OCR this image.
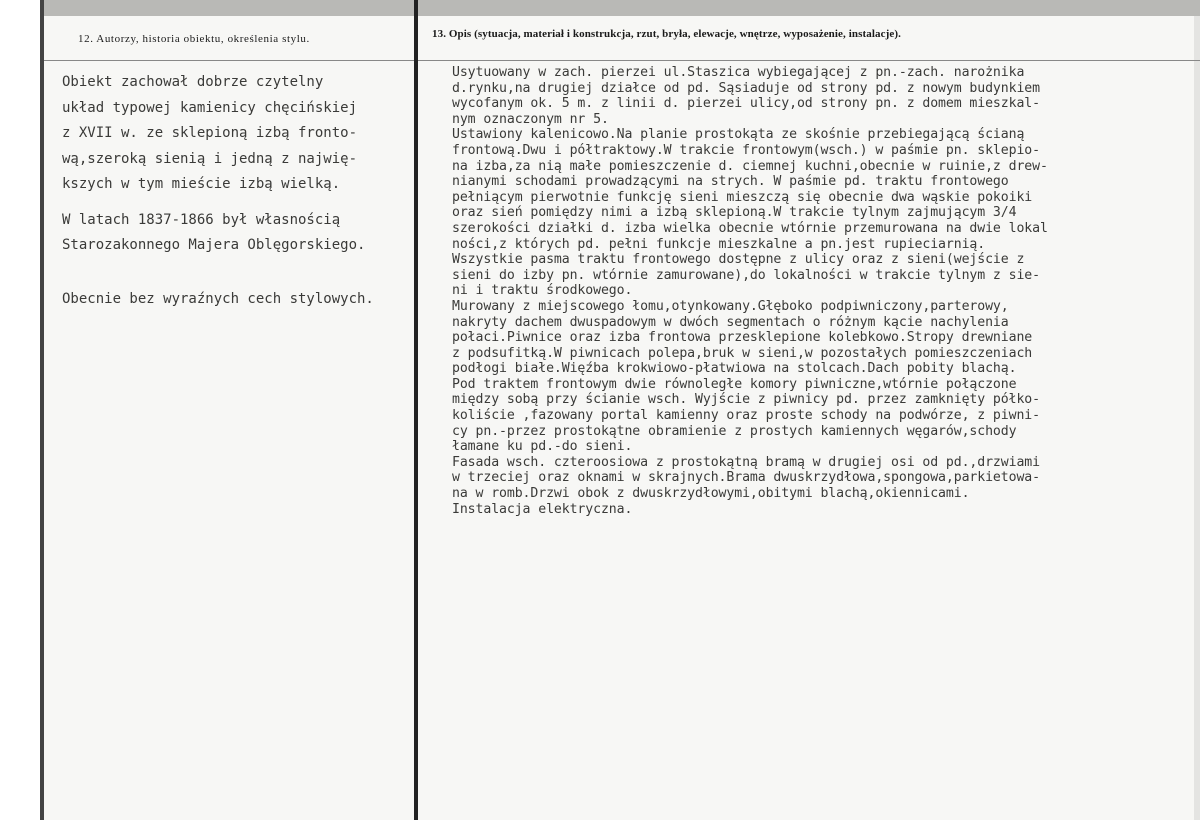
12. Autorzy, historia obiektu, określenia stylu.	13. Opis (sytuacja, materiał i konstrukcja, rzut, bryła, elewacje, wnętrze, wyposażenie, instalacje).
Obiekt zachował dobrze czytelny
układ typowej kamienicy chęcińskiej
z XVII w. ze sklepioną izbą fronto-
wą,szeroką sienią i jedną z najwię-
kszych w tym mieście izbą wielką.
W latach 1837-1866 był własnością
Starozakonnego Majera Oblęgorskiego.
Obecnie bez wyraźnych cech stylowych.
Usytuowany w zach. pierzei ul.Staszica wybiegającej z pn.-zach. narożnika
d.rynku,na drugiej działce od pd. Sąsiaduje od strony pd. z nowym budynkiem
wycofanym ok. 5 m. z linii d. pierzei ulicy,od strony pn. z domem mieszkal-
nym oznaczonym nr 5.
Ustawiony kalenicowo.Na planie prostokąta ze skośnie przebiegającą ścianą
frontową.Dwu i półtraktowy.W trakcie frontowym(wsch.) w paśmie pn. sklepio-
na izba,za nią małe pomieszczenie d. ciemnej kuchni,obecnie w ruinie,z drew-
nianymi schodami prowadzącymi na strych. W paśmie pd. traktu frontowego
pełniącym pierwotnie funkcję sieni mieszczą się obecnie dwa wąskie pokoiki
oraz sień pomiędzy nimi a izbą sklepioną.W trakcie tylnym zajmującym 3/4
szerokości działki d. izba wielka obecnie wtórnie przemurowana na dwie lokal
ności,z których pd. pełni funkcje mieszkalne a pn.jest rupieciarnią.
Wszystkie pasma traktu frontowego dostępne z ulicy oraz z sieni(wejście z
sieni do izby pn. wtórnie zamurowane),do lokalności w trakcie tylnym z sie-
ni i traktu środkowego.
Murowany z miejscowego łomu,otynkowany.Głęboko podpiwniczony,parterowy,
nakryty dachem dwuspadowym w dwóch segmentach o różnym kącie nachylenia
połaci.Piwnice oraz izba frontowa przesklepione kolebkowo.Stropy drewniane
z podsufitką.W piwnicach polepa,bruk w sieni,w pozostałych pomieszczeniach
podłogi białe.Więźba krokwiowo-płatwiowa na stolcach.Dach pobity blachą.
Pod traktem frontowym dwie równoległe komory piwniczne,wtórnie połączone
między sobą przy ścianie wsch. Wyjście z piwnicy pd. przez zamknięty półko-
koliście ,fazowany portal kamienny oraz proste schody na podwórze, z piwni-
cy pn.-przez prostokątne obramienie z prostych kamiennych węgarów,schody
łamane ku pd.-do sieni.
Fasada wsch. czteroosiowa z prostokątną bramą w drugiej osi od pd.,drzwiami
w trzeciej oraz oknami w skrajnych.Brama dwuskrzydłowa,spongowa,parkietowa-
na w romb.Drzwi obok z dwuskrzydłowymi,obitymi blachą,okiennicami.
Instalacja elektryczna.
